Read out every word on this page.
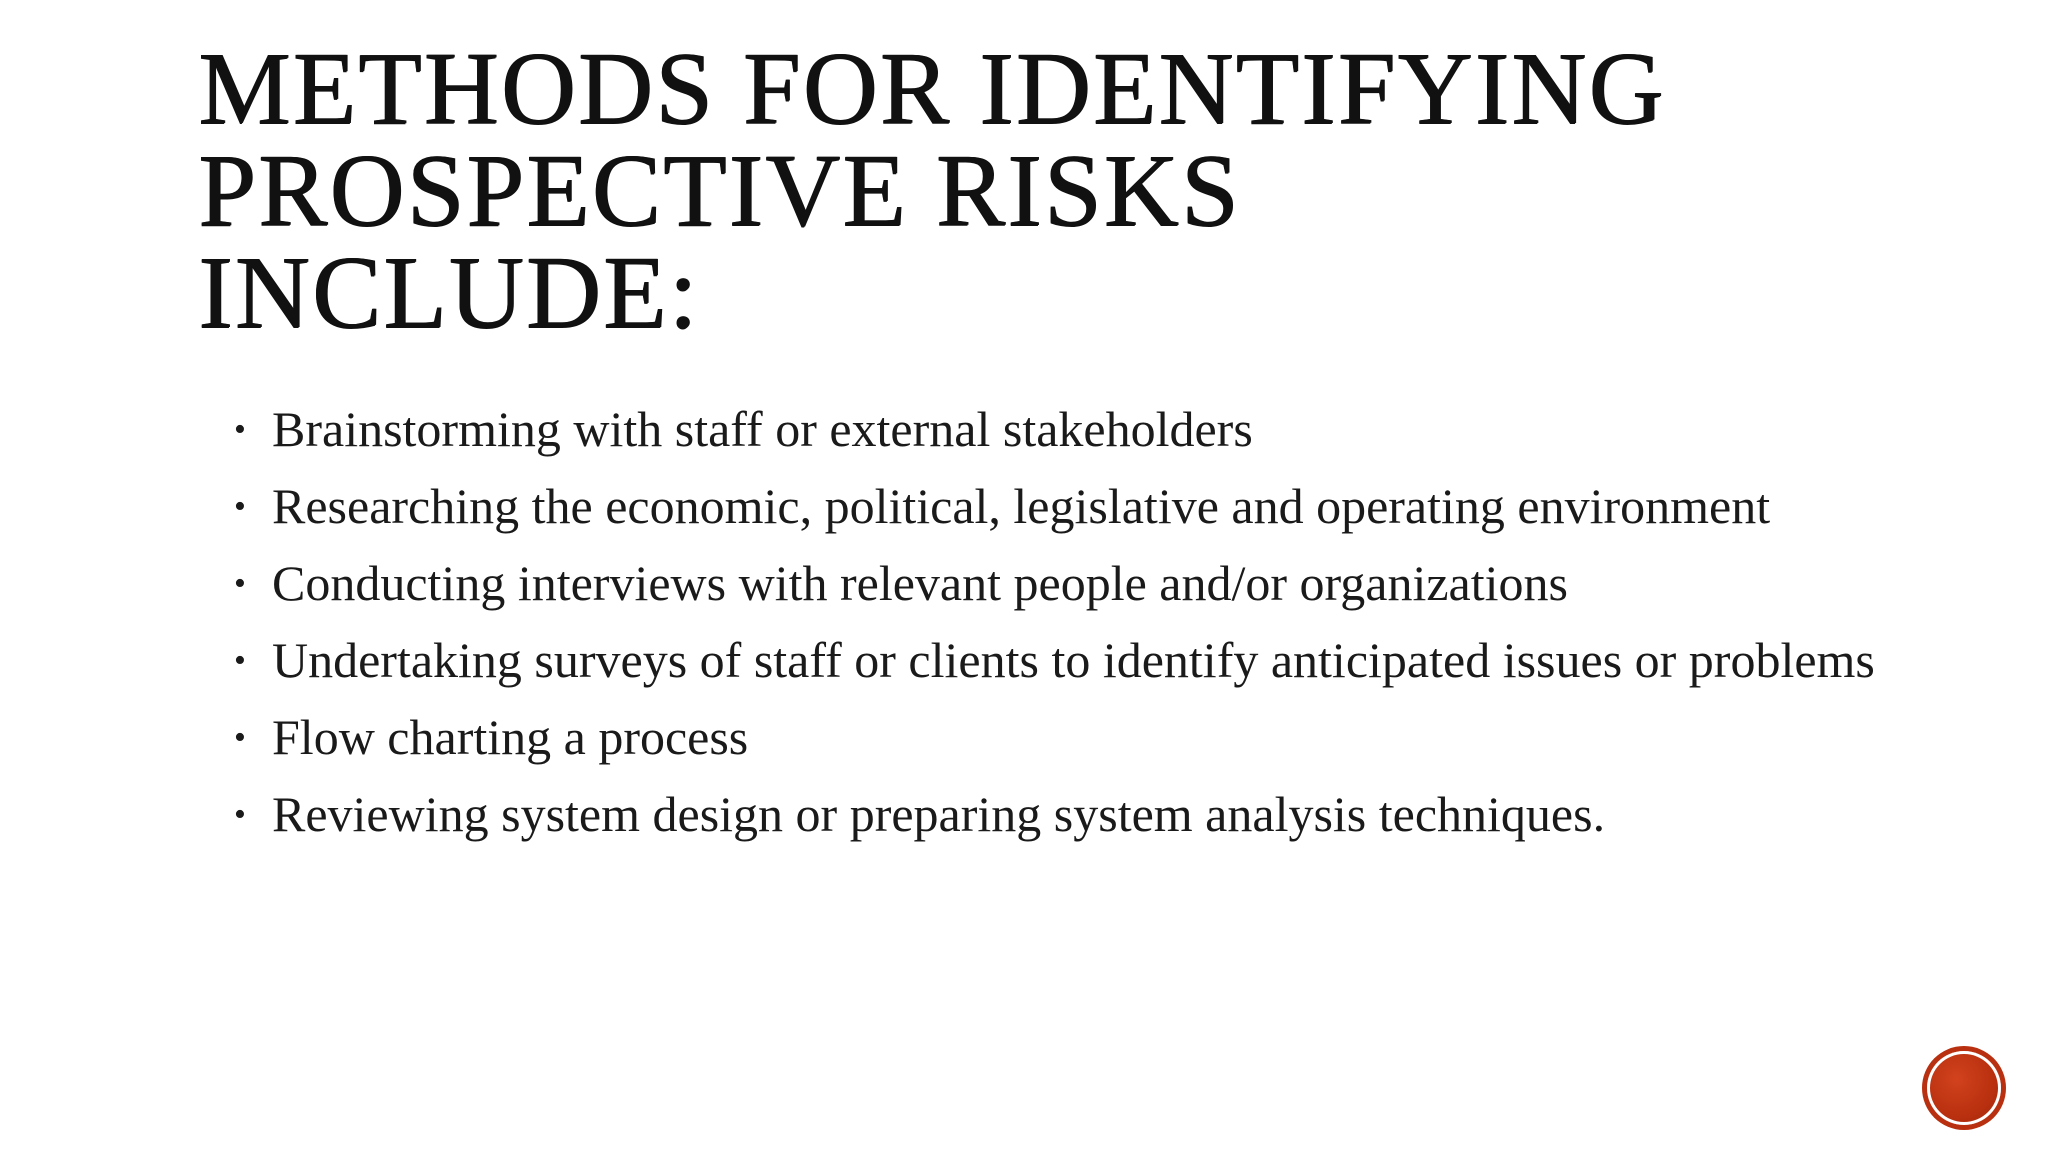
METHODS FOR IDENTIFYING
PROSPECTIVE RISKS
INCLUDE:

• Brainstorming with staff or external stakeholders

• Researching the economic, political, legislative and operating environment

• Conducting interviews with relevant people and/or organizations

• Undertaking surveys of staff or clients to identify anticipated issues or problems

• Flow charting a process

• Reviewing system design or preparing system analysis techniques.
